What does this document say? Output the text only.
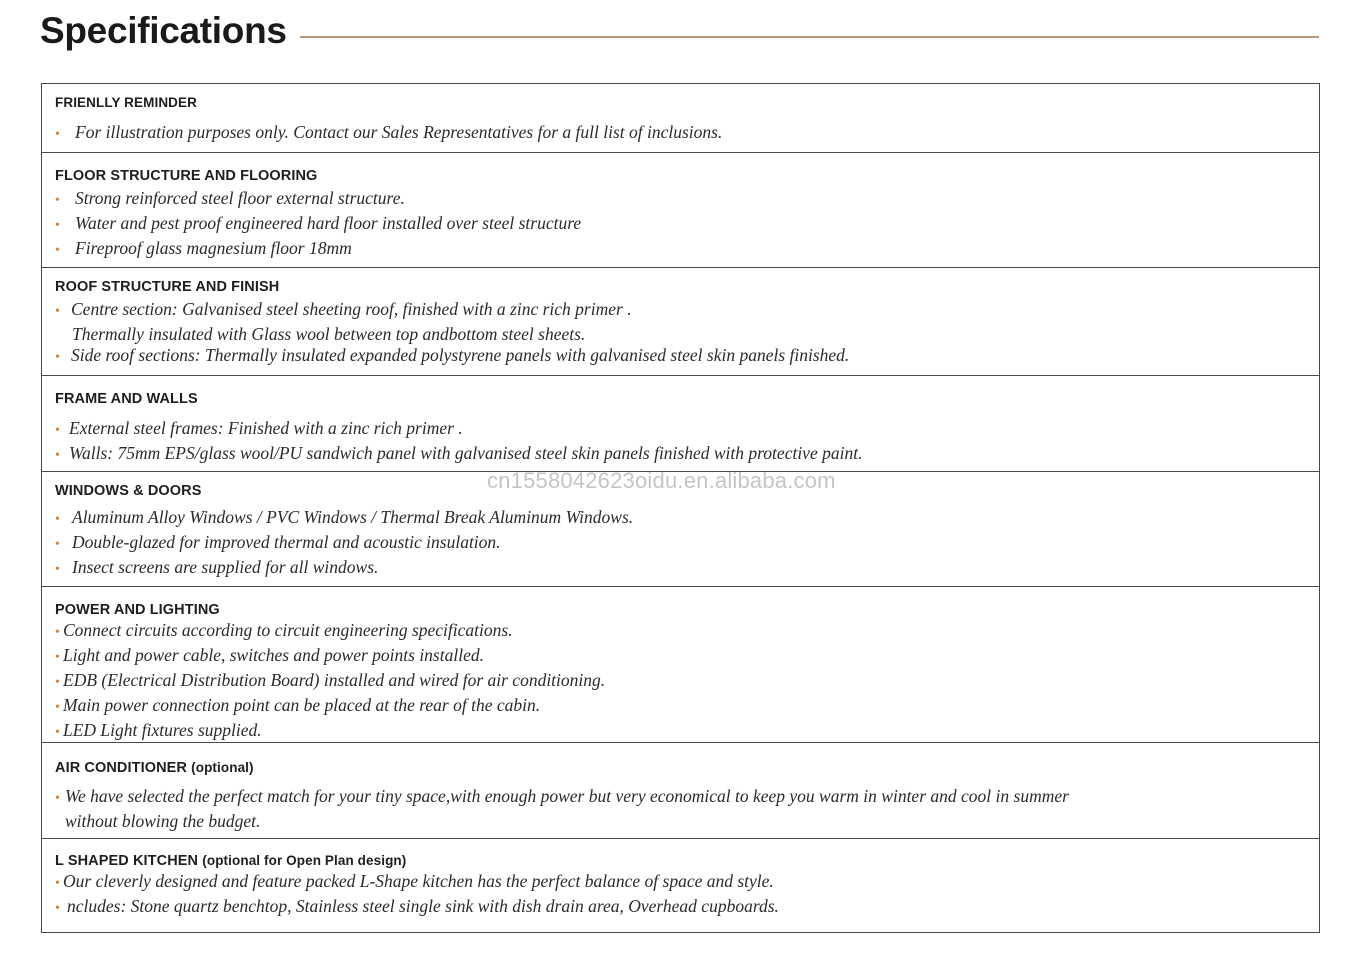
Specifications
FRIENLLY REMINDER
• For illustration purposes only. Contact our Sales Representatives for a full list of inclusions.
FLOOR STRUCTURE AND FLOORING
• Strong reinforced steel floor external structure.
• Water and pest proof engineered hard floor installed over steel structure
• Fireproof glass magnesium floor 18mm
ROOF STRUCTURE AND FINISH
• Centre section: Galvanised steel sheeting roof, finished with a zinc rich primer .
Thermally insulated with Glass wool between top andbottom steel sheets.
• Side roof sections: Thermally insulated expanded polystyrene panels with galvanised steel skin panels finished.
FRAME AND WALLS
• External steel frames: Finished with a zinc rich primer .
• Walls: 75mm EPS/glass wool/PU sandwich panel with galvanised steel skin panels finished with protective paint.
WINDOWS & DOORS
• Aluminum Alloy Windows / PVC Windows / Thermal Break Aluminum Windows.
• Double-glazed for improved thermal and acoustic insulation.
• Insect screens are supplied for all windows.
POWER AND LIGHTING
• Connect circuits according to circuit engineering specifications.
• Light and power cable, switches and power points installed.
• EDB (Electrical Distribution Board) installed and wired for air conditioning.
• Main power connection point can be placed at the rear of the cabin.
• LED Light fixtures supplied.
AIR CONDITIONER (optional)
• We have selected the perfect match for your tiny space,with enough power but very economical to keep you warm in winter and cool in summer
without blowing the budget.
L SHAPED KITCHEN (optional for Open Plan design)
• Our cleverly designed and feature packed L-Shape kitchen has the perfect balance of space and style.
• ncludes: Stone quartz benchtop, Stainless steel single sink with dish drain area, Overhead cupboards.
cn1558042623oidu.en.alibaba.com
